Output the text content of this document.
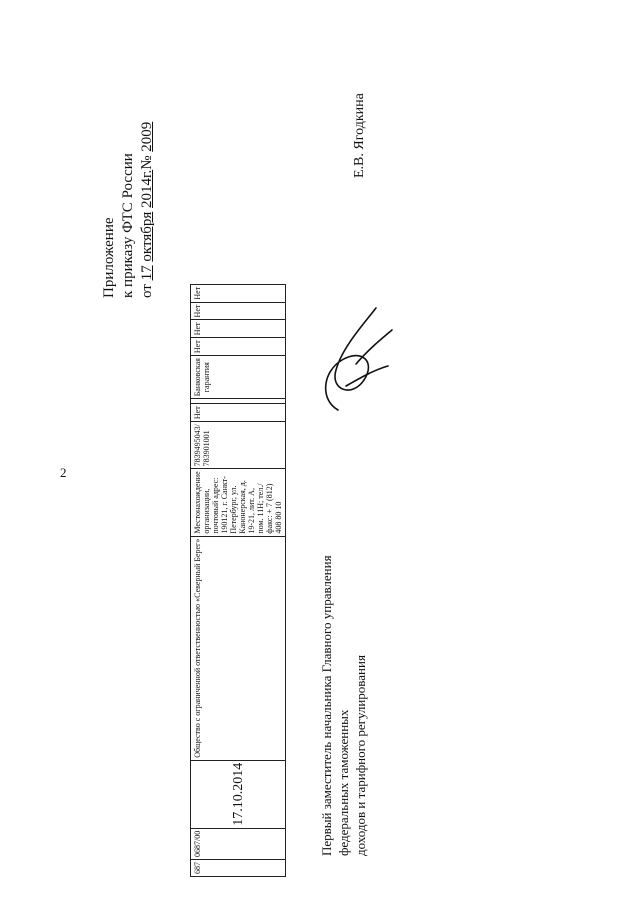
2
Приложение к приказу ФТС России от 17 октября 2014г.№ 2009
687	0687/00	17.10.2014	Общество с ограниченной ответственностью «Северный Берег»	Местонахождение организации, почтовый адрес: 190121, г. Санкт-Петербург, ул. Канонерская, д. 19-21, лит. А, пом. 11Н; тел./факс: + 7 (812) 408 80 10	7839495043/ 783901001	Нет		Банковская гарантия	Нет	Нет	Нет	Нет
Первый заместитель начальника Главного управления федеральных таможенных доходов и тарифного регулирования
Е.В. Ягодкина
